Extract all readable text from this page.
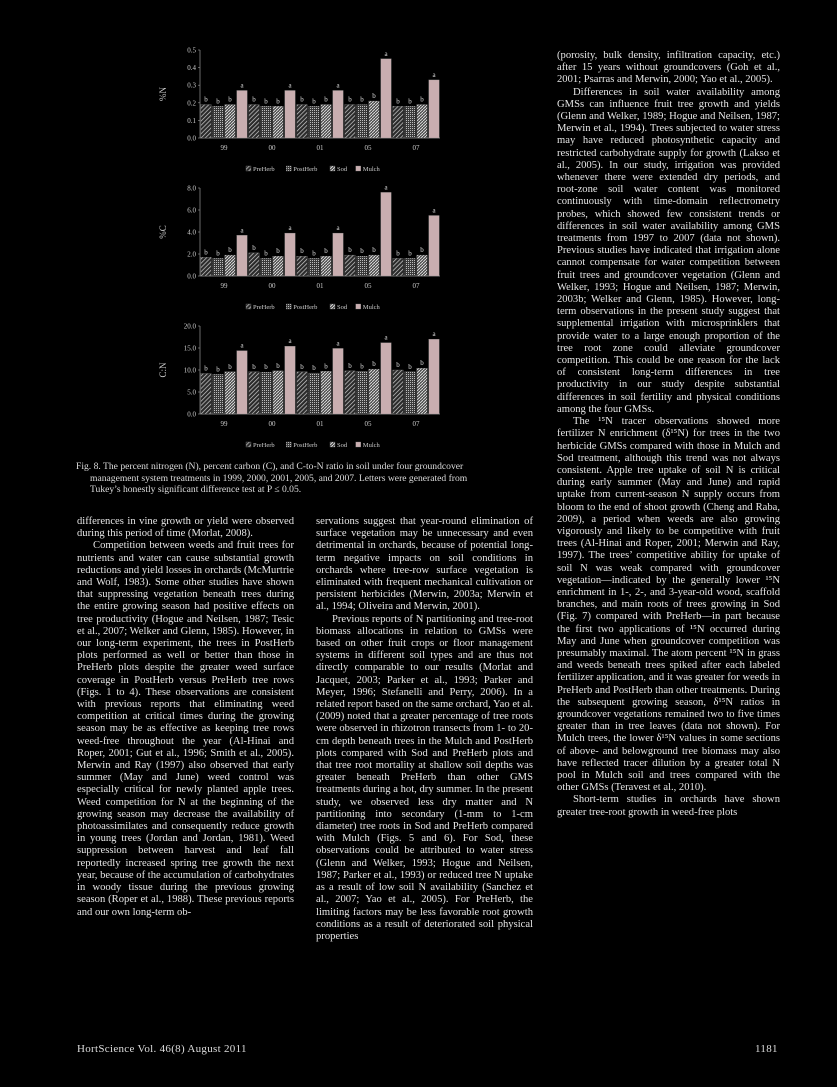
%N
0.0
0.1
0.2
0.3
0.4
0.5
b b b
a
99
b b b
a
00
b b b
a
01
b b b
a
05
b b b
a
07
PreHerb	PostHerb	Sod Mulch
%C
0.0
2.0
4.0
6.0
8.0
b b b
a
99
b
b b
a
00
b b b
a
01
b b b
a
05
b b b
a
07
PreHerb	PostHerb	Sod Mulch
C:N
0.0
5.0
10.0
15.0
20.0
b b b
a
99
b b b
a
00
b b b
a
01
b b b
a
05
b b b
a
07
PreHerb	PostHerb	Sod Mulch
Fig. 8. The percent nitrogen (N), percent carbon (C), and C-to-N ratio in soil under four groundcover
management system treatments in 1999, 2000, 2001, 2005, and 2007. Letters were generated from
Tukey’s honestly significant difference test at P ≤ 0.05.

differences in vine growth or yield were observed during this period of time (Morlat, 2008).

Competition between weeds and fruit trees for nutrients and water can cause substantial growth reductions and yield losses in orchards (McMurtrie and Wolf, 1983). Some other studies have shown that suppressing vegetation beneath trees during the entire growing season had positive effects on tree productivity (Hogue and Neilsen, 1987; Tesic et al., 2007; Welker and Glenn, 1985). However, in our long-term experiment, the trees in PostHerb plots performed as well or better than those in PreHerb plots despite the greater weed surface coverage in PostHerb versus PreHerb tree rows (Figs. 1 to 4). These observations are consistent with previous reports that eliminating weed competition at critical times during the growing season may be as effective as keeping tree rows weed-free throughout the year (Al-Hinai and Roper, 2001; Gut et al., 1996; Smith et al., 2005). Merwin and Ray (1997) also observed that early summer (May and June) weed control was especially critical for newly planted apple trees. Weed competition for N at the beginning of the growing season may decrease the availability of photoassimilates and consequently reduce growth in young trees (Jordan and Jordan, 1981). Weed suppression between harvest and leaf fall reportedly increased spring tree growth the next year, because of the accumulation of carbohydrates in woody tissue during the previous growing season (Roper et al., 1988). These previous reports and our own long-term ob-

servations suggest that year-round elimination of surface vegetation may be unnecessary and even detrimental in orchards, because of potential long-term negative impacts on soil conditions in orchards where tree-row surface vegetation is eliminated with frequent mechanical cultivation or persistent herbicides (Merwin, 2003a; Merwin et al., 1994; Oliveira and Merwin, 2001).

Previous reports of N partitioning and tree-root biomass allocations in relation to GMSs were based on other fruit crops or floor management systems in different soil types and are thus not directly comparable to our results (Morlat and Jacquet, 2003; Parker et al., 1993; Parker and Meyer, 1996; Stefanelli and Perry, 2006). In a related report based on the same orchard, Yao et al. (2009) noted that a greater percentage of tree roots were observed in rhizotron transects from 1- to 20-cm depth beneath trees in the Mulch and PostHerb plots compared with Sod and PreHerb plots and that tree root mortality at shallow soil depths was greater beneath PreHerb than other GMS treatments during a hot, dry summer. In the present study, we observed less dry matter and N partitioning into secondary (1-mm to 1-cm diameter) tree roots in Sod and PreHerb compared with Mulch (Figs. 5 and 6). For Sod, these observations could be attributed to water stress (Glenn and Welker, 1993; Hogue and Neilsen, 1987; Parker et al., 1993) or reduced tree N uptake as a result of low soil N availability (Sanchez et al., 2007; Yao et al., 2005). For PreHerb, the limiting factors may be less favorable root growth conditions as a result of deteriorated soil physical properties

(porosity, bulk density, infiltration capacity, etc.) after 15 years without groundcovers (Goh et al., 2001; Psarras and Merwin, 2000; Yao et al., 2005).

Differences in soil water availability among GMSs can influence fruit tree growth and yields (Glenn and Welker, 1989; Hogue and Neilsen, 1987; Merwin et al., 1994). Trees subjected to water stress may have reduced photosynthetic capacity and restricted carbohydrate supply for growth (Lakso et al., 2005). In our study, irrigation was provided whenever there were extended dry periods, and root-zone soil water content was monitored continuously with time-domain reflectrometry probes, which showed few consistent trends or differences in soil water availability among GMS treatments from 1997 to 2007 (data not shown). Previous studies have indicated that irrigation alone cannot compensate for water competition between fruit trees and groundcover vegetation (Glenn and Welker, 1993; Hogue and Neilsen, 1987; Merwin, 2003b; Welker and Glenn, 1985). However, long-term observations in the present study suggest that supplemental irrigation with microsprinklers that provide water to a large enough proportion of the tree root zone could alleviate groundcover competition. This could be one reason for the lack of consistent long-term differences in tree productivity in our study despite substantial differences in soil fertility and physical conditions among the four GMSs.

The ¹⁵N tracer observations showed more fertilizer N enrichment (δ¹⁵N) for trees in the two herbicide GMSs compared with those in Mulch and Sod treatment, although this trend was not always consistent. Apple tree uptake of soil N is critical during early summer (May and June) and rapid uptake from current-season N supply occurs from bloom to the end of shoot growth (Cheng and Raba, 2009), a period when weeds are also growing vigorously and likely to be competitive with fruit trees (Al-Hinai and Roper, 2001; Merwin and Ray, 1997). The trees’ competitive ability for uptake of soil N was weak compared with groundcover vegetation—indicated by the generally lower ¹⁵N enrichment in 1-, 2-, and 3-year-old wood, scaffold branches, and main roots of trees growing in Sod (Fig. 7) compared with PreHerb—in part because the first two applications of ¹⁵N occurred during May and June when groundcover competition was presumably maximal. The atom percent ¹⁵N in grass and weeds beneath trees spiked after each labeled fertilizer application, and it was greater for weeds in PreHerb and PostHerb than other treatments. During the subsequent growing season, δ¹⁵N ratios in groundcover vegetations remained two to five times greater than in tree leaves (data not shown). For Mulch trees, the lower δ¹⁵N values in some sections of above- and belowground tree biomass may also have reflected tracer dilution by a greater total N pool in Mulch soil and trees compared with the other GMSs (Teravest et al., 2010).

Short-term studies in orchards have shown greater tree-root growth in weed-free plots

HortScience Vol. 46(8) August 2011	1181
